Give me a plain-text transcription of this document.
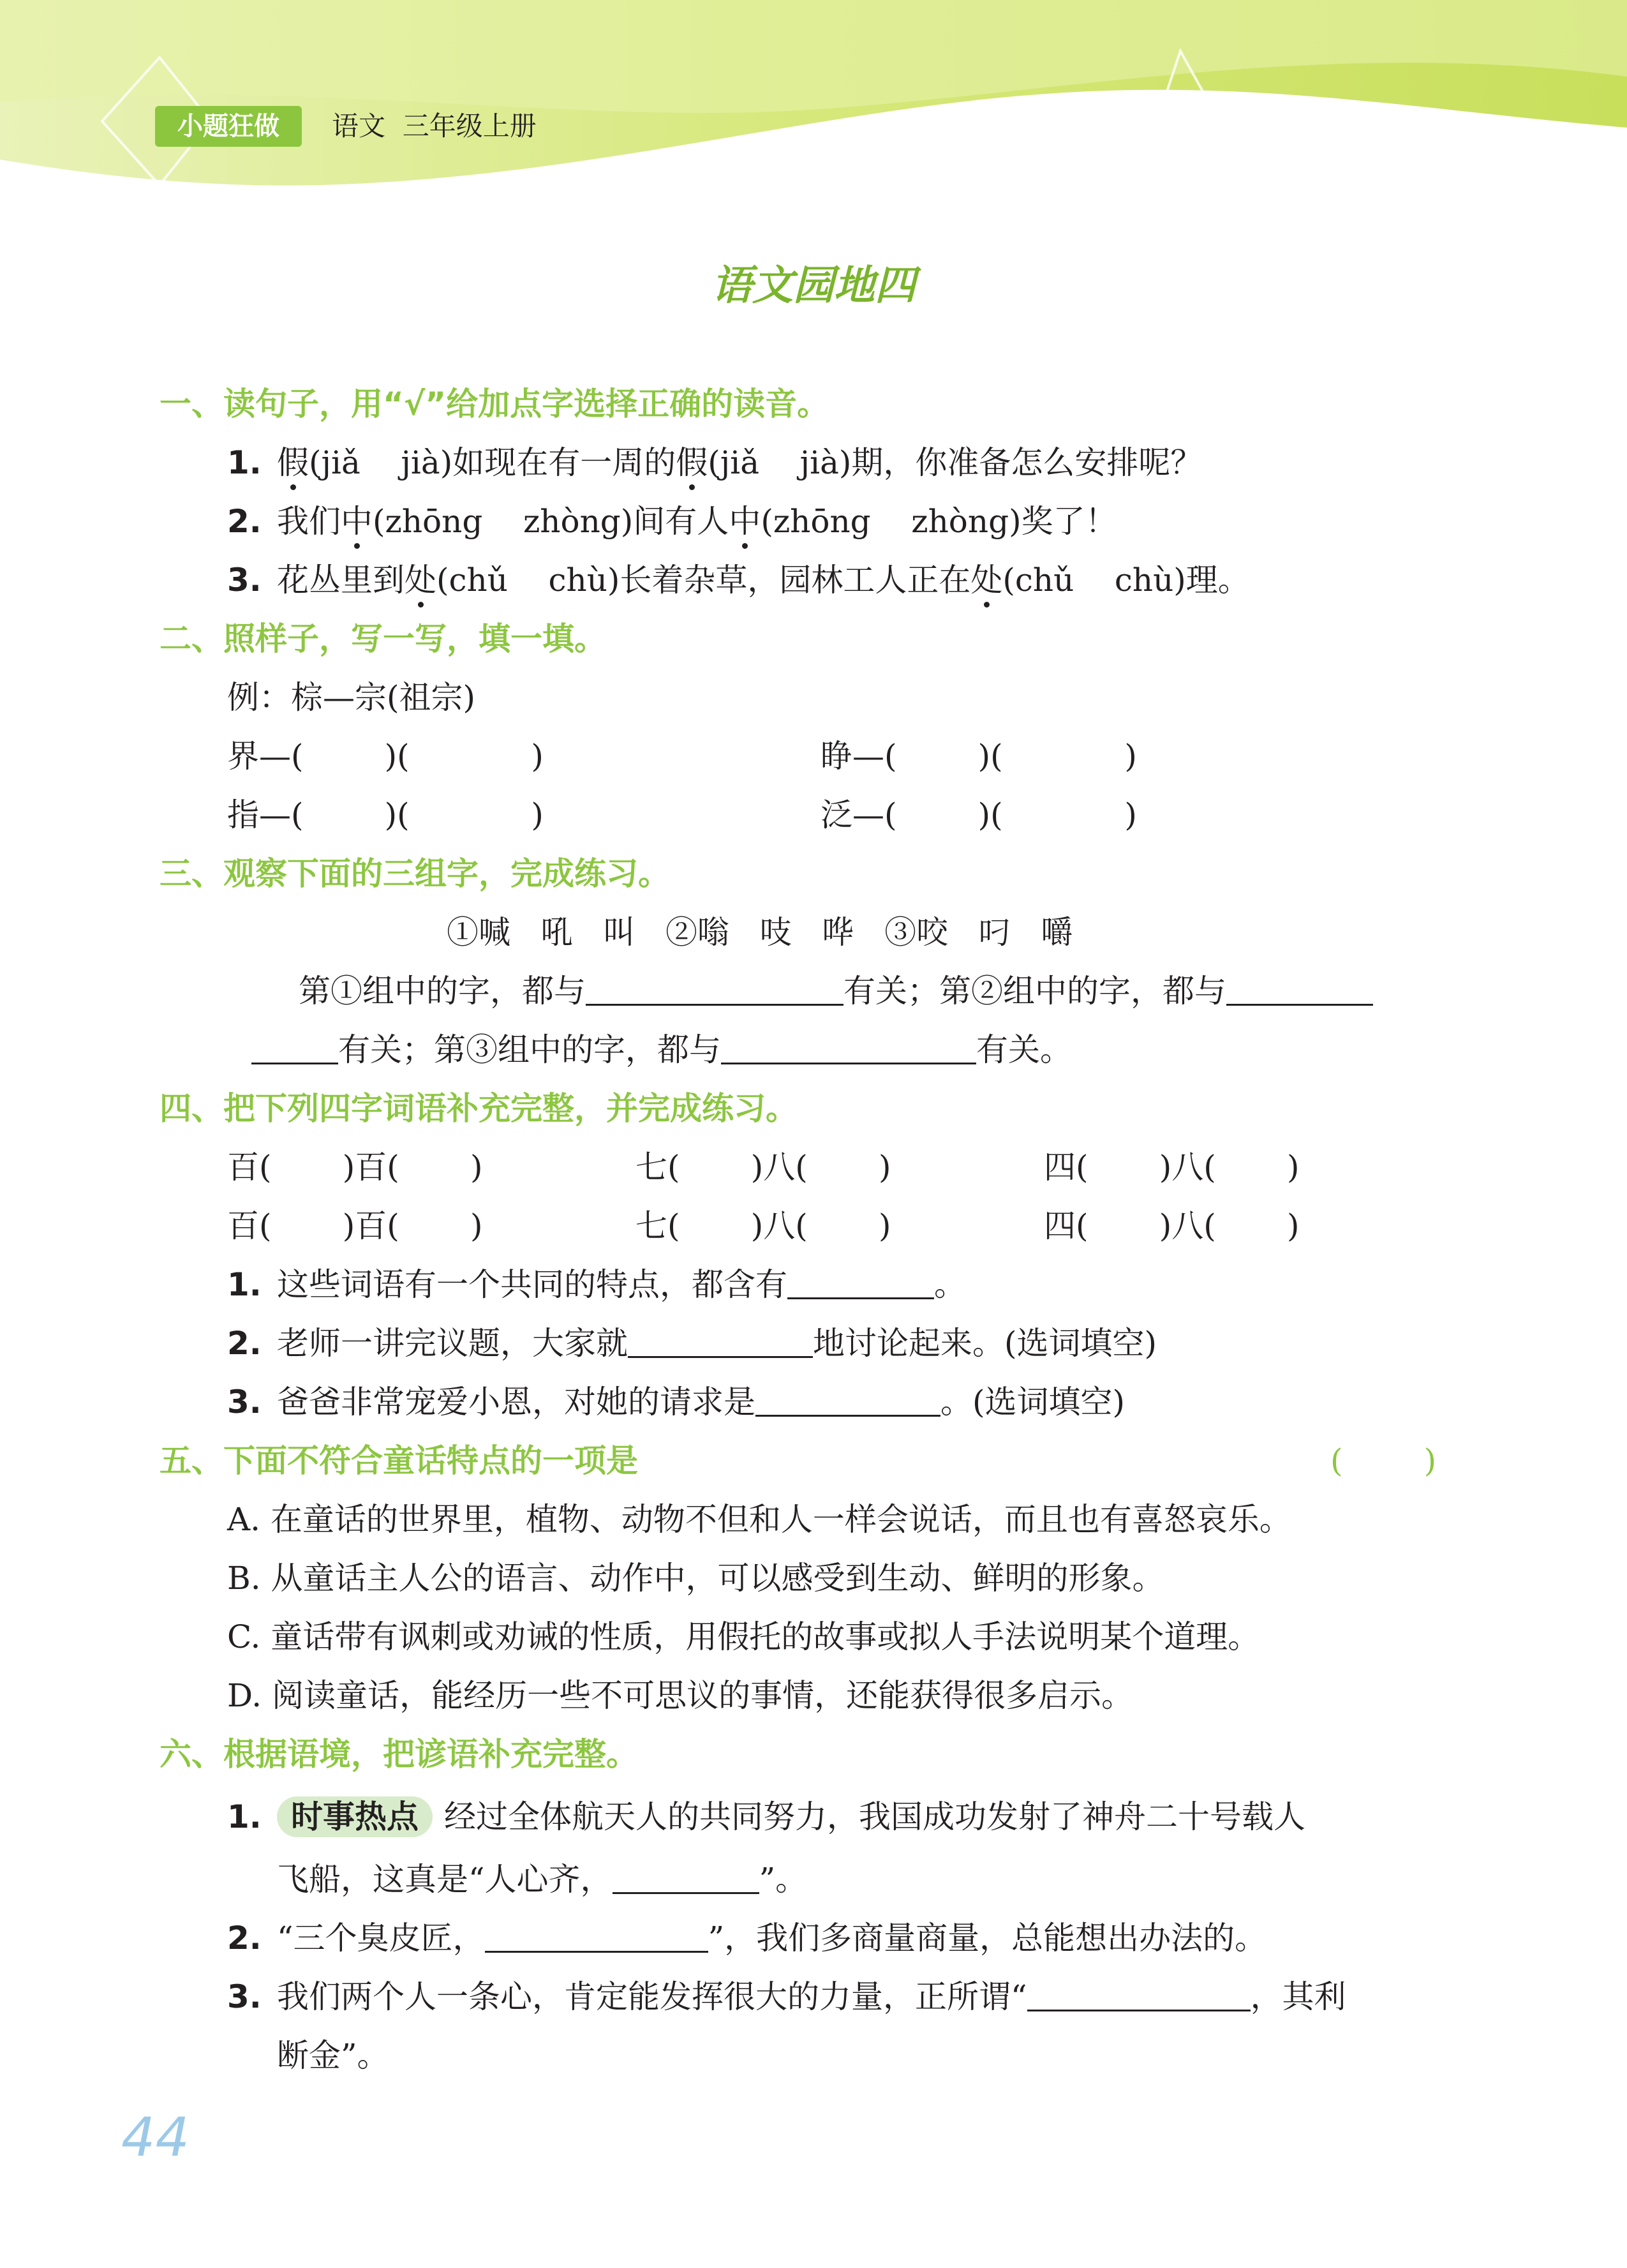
小题狂做	语文  三年级上册
语文园地四
一、读句子，用“√”给加点字选择正确的读音。
1. 假(jiǎ    jià)如现在有一周的假(jiǎ    jià)期，你准备怎么安排呢？
2. 我们中(zhōng    zhòng)间有人中(zhōng    zhòng)奖了！
3. 花丛里到处(chǔ    chù)长着杂草，园林工人正在处(chǔ    chù)理。
二、照样子，写一写，填一填。
例：棕—宗(祖宗)
界—(        )(            )	睁—(        )(            )
指—(        )(            )	泛—(        )(            )
三、观察下面的三组字，完成练习。
①喊   吼   叫   ②嗡   吱   哗   ③咬   叼   嚼
第①组中的字，都与	有关；第②组中的字，都与
有关；第③组中的字，都与	有关。
四、把下列四字词语补充完整，并完成练习。
百(       )百(       )	七(       )八(       )	四(       )八(       )
百(       )百(       )	七(       )八(       )	四(       )八(       )
1. 这些词语有一个共同的特点，都含有	。
2. 老师一讲完议题，大家就	地讨论起来。(选词填空)
3. 爸爸非常宠爱小恩，对她的请求是	。(选词填空)
五、下面不符合童话特点的一项是	(        )
A. 在童话的世界里，植物、动物不但和人一样会说话，而且也有喜怒哀乐。
B. 从童话主人公的语言、动作中，可以感受到生动、鲜明的形象。
C. 童话带有讽刺或劝诫的性质，用假托的故事或拟人手法说明某个道理。
D. 阅读童话，能经历一些不可思议的事情，还能获得很多启示。
六、根据语境，把谚语补充完整。
1. 时事热点 经过全体航天人的共同努力，我国成功发射了神舟二十号载人
飞船，这真是“人心齐，	”。
2. “三个臭皮匠，	”，我们多商量商量，总能想出办法的。
3. 我们两个人一条心，肯定能发挥很大的力量，正所谓“	，其利
断金”。
44
